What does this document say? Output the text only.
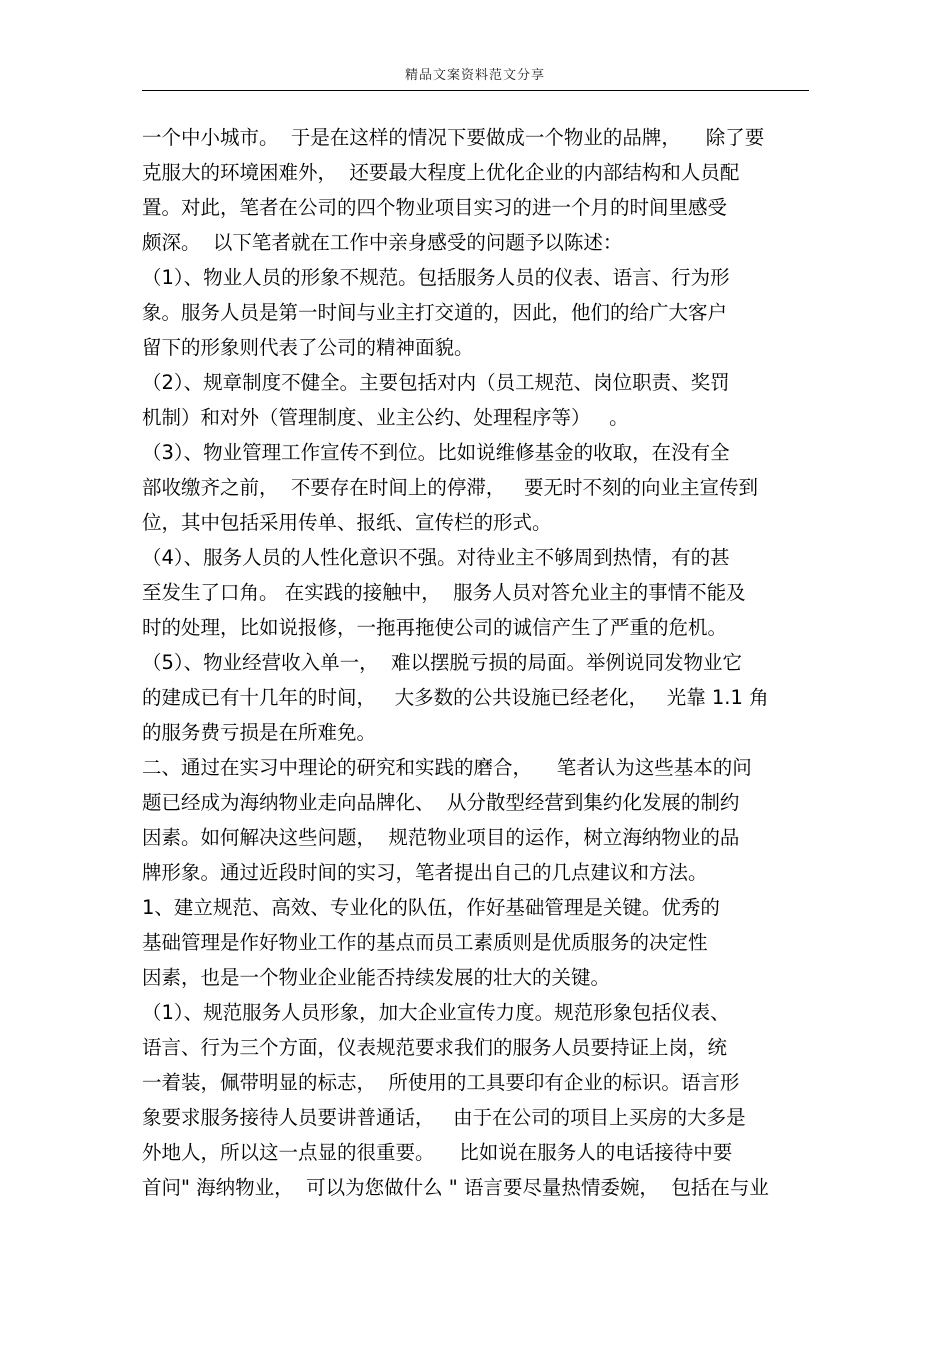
精品文案资料范文分享
一个中小城市。  于是在这样的情况下要做成一个物业的品牌，    除了要
克服大的环境困难外，  还要最大程度上优化企业的内部结构和人员配
置。对此，笔者在公司的四个物业项目实习的进一个月的时间里感受
颇深。  以下笔者就在工作中亲身感受的问题予以陈述：
（1）、物业人员的形象不规范。包括服务人员的仪表、语言、行为形
象。服务人员是第一时间与业主打交道的，因此，他们的给广大客户
留下的形象则代表了公司的精神面貌。
（2）、规章制度不健全。主要包括对内（员工规范、岗位职责、奖罚
机制）和对外（管理制度、业主公约、处理程序等）   。
（3）、物业管理工作宣传不到位。比如说维修基金的收取，在没有全
部收缴齐之前，  不要存在时间上的停滞，   要无时不刻的向业主宣传到
位，其中包括采用传单、报纸、宣传栏的形式。
（4）、服务人员的人性化意识不强。对待业主不够周到热情，有的甚
至发生了口角。 在实践的接触中，  服务人员对答允业主的事情不能及
时的处理，比如说报修，一拖再拖使公司的诚信产生了严重的危机。
（5）、物业经营收入单一，  难以摆脱亏损的局面。举例说同发物业它
的建成已有十几年的时间，   大多数的公共设施已经老化，   光靠 1.1 角
的服务费亏损是在所难免。
二、通过在实习中理论的研究和实践的磨合，    笔者认为这些基本的问
题已经成为海纳物业走向品牌化、  从分散型经营到集约化发展的制约
因素。如何解决这些问题，  规范物业项目的运作，树立海纳物业的品
牌形象。通过近段时间的实习，笔者提出自己的几点建议和方法。
1、建立规范、高效、专业化的队伍，作好基础管理是关键。优秀的
基础管理是作好物业工作的基点而员工素质则是优质服务的决定性
因素，也是一个物业企业能否持续发展的壮大的关键。
（1）、规范服务人员形象，加大企业宣传力度。规范形象包括仪表、
语言、行为三个方面，仪表规范要求我们的服务人员要持证上岗，统
一着装，佩带明显的标志，  所使用的工具要印有企业的标识。语言形
象要求服务接待人员要讲普通话，   由于在公司的项目上买房的大多是
外地人，所以这一点显的很重要。    比如说在服务人的电话接待中要
首问" 海纳物业，  可以为您做什么 " 语言要尽量热情委婉，  包括在与业
